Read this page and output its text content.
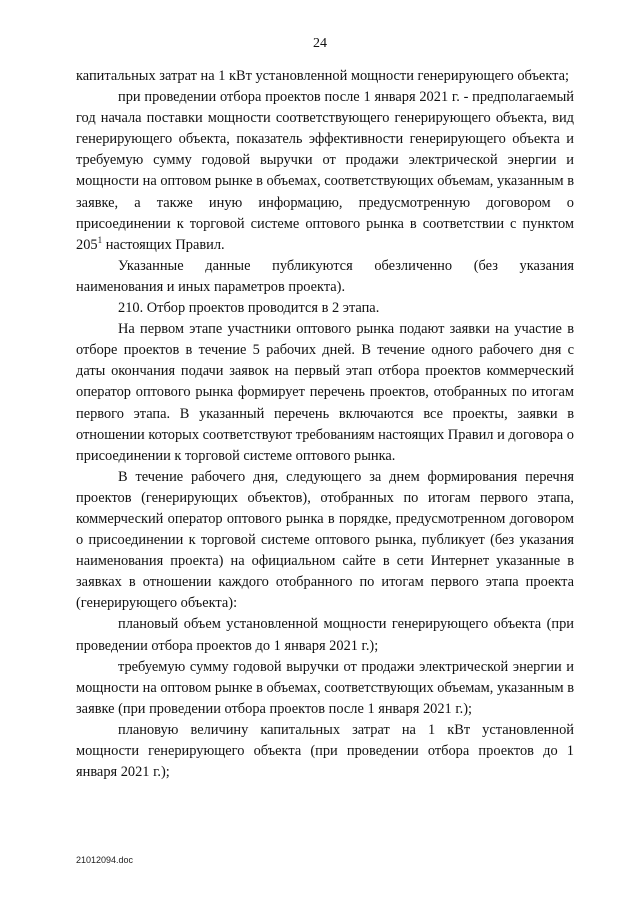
24

капитальных затрат на 1 кВт установленной мощности генерирующего объекта;

при проведении отбора проектов после 1 января 2021 г. - предполагаемый год начала поставки мощности соответствующего генерирующего объекта, вид генерирующего объекта, показатель эффективности генерирующего объекта и требуемую сумму годовой выручки от продажи электрической энергии и мощности на оптовом рынке в объемах, соответствующих объемам, указанным в заявке, а также иную информацию, предусмотренную договором о присоединении к торговой системе оптового рынка в соответствии с пунктом $205^1$ настоящих Правил.

Указанные данные публикуются обезличенно (без указания наименования и иных параметров проекта).

210. Отбор проектов проводится в 2 этапа.

На первом этапе участники оптового рынка подают заявки на участие в отборе проектов в течение 5 рабочих дней. В течение одного рабочего дня с даты окончания подачи заявок на первый этап отбора проектов коммерческий оператор оптового рынка формирует перечень проектов, отобранных по итогам первого этапа. В указанный перечень включаются все проекты, заявки в отношении которых соответствуют требованиям настоящих Правил и договора о присоединении к торговой системе оптового рынка.

В течение рабочего дня, следующего за днем формирования перечня проектов (генерирующих объектов), отобранных по итогам первого этапа, коммерческий оператор оптового рынка в порядке, предусмотренном договором о присоединении к торговой системе оптового рынка, публикует (без указания наименования проекта) на официальном сайте в сети Интернет указанные в заявках в отношении каждого отобранного по итогам первого этапа проекта (генерирующего объекта):

плановый объем установленной мощности генерирующего объекта (при проведении отбора проектов до 1 января 2021 г.);

требуемую сумму годовой выручки от продажи электрической энергии и мощности на оптовом рынке в объемах, соответствующих объемам, указанным в заявке (при проведении отбора проектов после 1 января 2021 г.);

плановую величину капитальных затрат на 1 кВт установленной мощности генерирующего объекта (при проведении отбора проектов до 1 января 2021 г.);

21012094.doc
